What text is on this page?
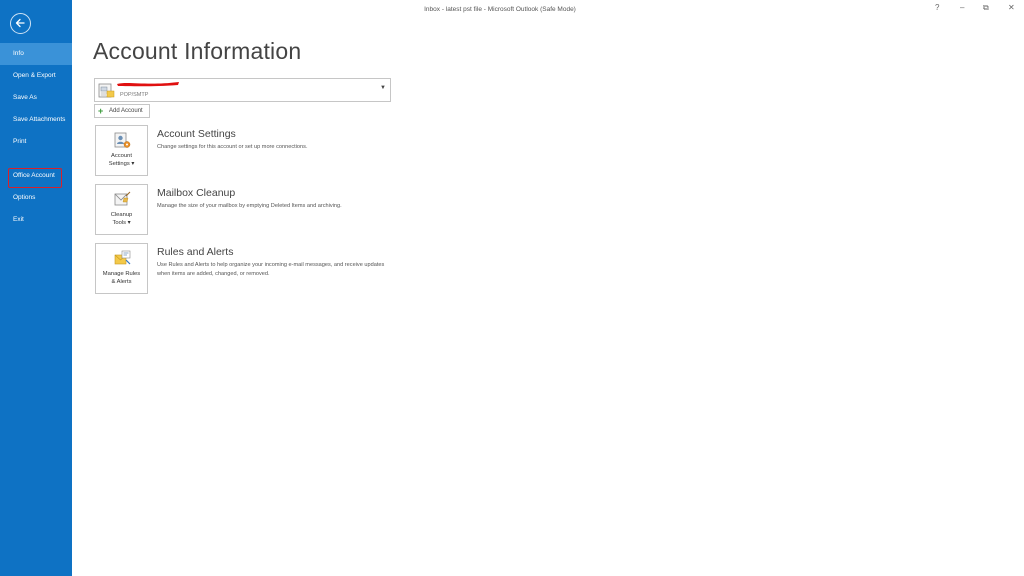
Info
Open & Export
Save As
Save Attachments
Print
Office Account
Options
Exit
Inbox - latest pst file - Microsoft Outlook (Safe Mode)	?	– ⧉ ✕
Account Information
POP/SMTP
▼
+ Add Account
Account
Settings ▾
Account Settings
Change settings for this account or set up more connections.
Cleanup
Tools ▾
Mailbox Cleanup
Manage the size of your mailbox by emptying Deleted Items and archiving.
Manage Rules
& Alerts
Rules and Alerts
Use Rules and Alerts to help organize your incoming e-mail messages, and receive updates when items are added, changed, or removed.
